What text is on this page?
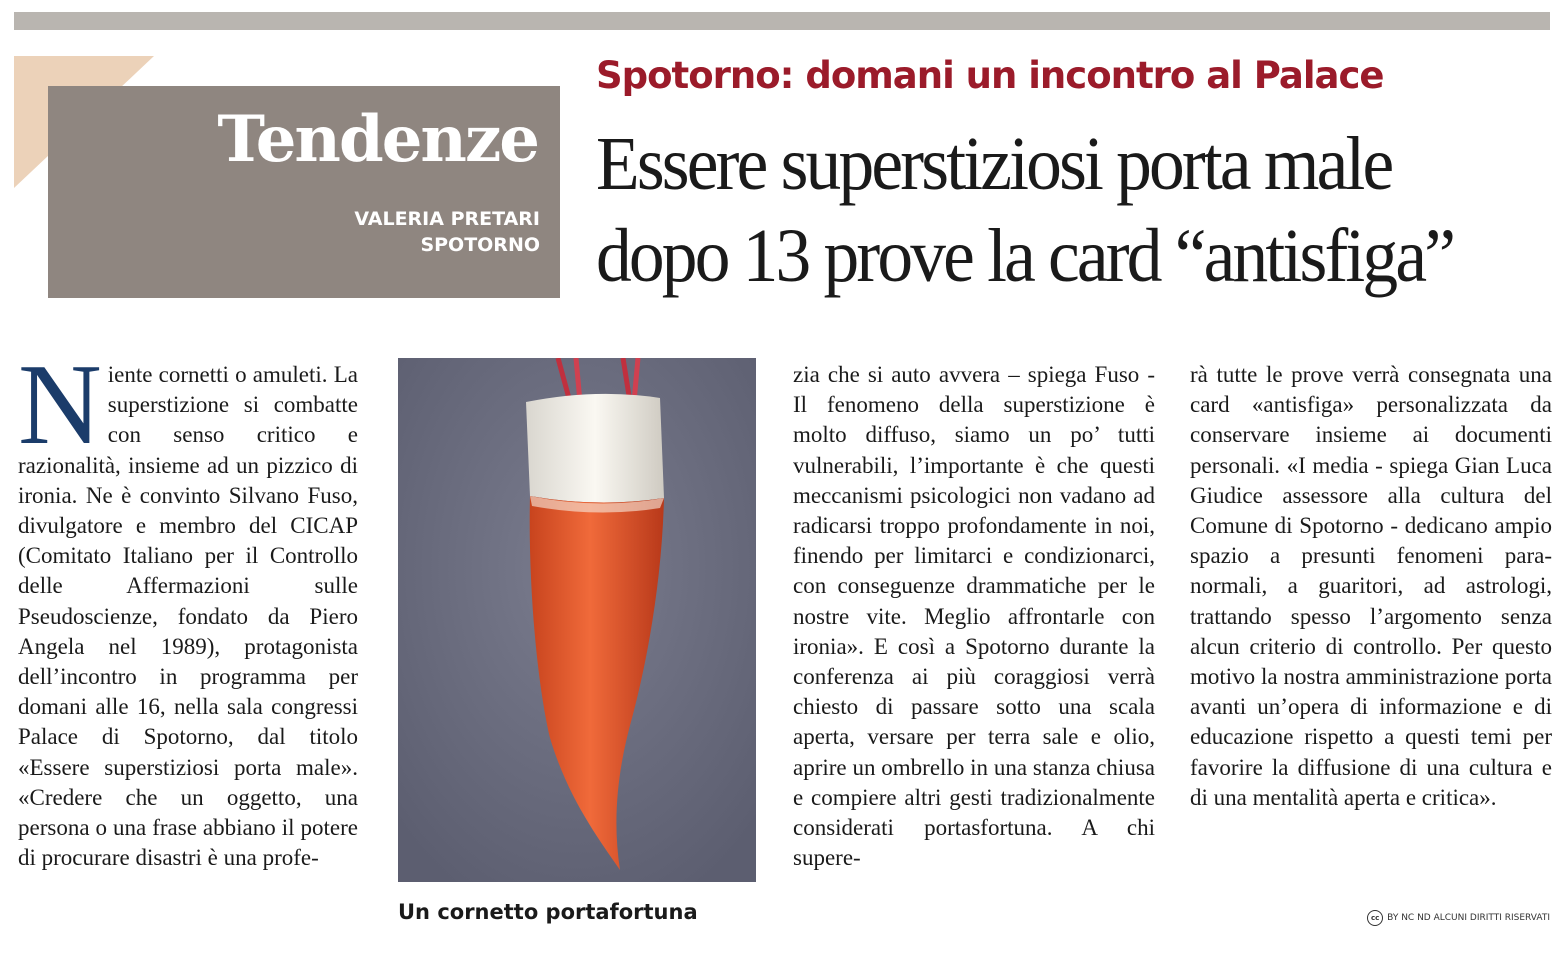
Tendenze
VALERIA PRETARI
SPOTORNO
Spotorno: domani un incontro al Palace
Essere superstiziosi porta male
dopo 13 prove la card “antisfiga”
Niente cornetti o amuleti. La superstizione si combatte con senso critico e razionalità, insieme ad un pizzico di ironia. Ne è convinto Silvano Fuso, divulgatore e membro del CICAP (Comitato Italiano per il Controllo delle Affermazioni sulle Pseudoscienze, fondato da Piero Angela nel 1989), protagonista dell’incontro in programma per domani alle 16, nella sala congressi Palace di Spotorno, dal titolo «Essere superstiziosi porta male». «Credere che un oggetto, una persona o una frase abbiano il potere di procurare disastri è una profe-
Un cornetto portafortuna
zia che si auto avvera – spiega Fuso - Il fenomeno della superstizione è molto diffuso, siamo un po’ tutti vulnerabili, l’importante è che questi meccanismi psicologici non vadano ad radicarsi troppo profondamente in noi, finendo per limitarci e condizionarci, con conseguenze drammatiche per le nostre vite. Meglio affrontarle con ironia». E così a Spotorno durante la conferenza ai più coraggiosi verrà chiesto di passare sotto una scala aperta, versare per terra sale e olio, aprire un ombrello in una stanza chiusa e compiere altri gesti tradizionalmente considerati portasfortuna. A chi supere-
rà tutte le prove verrà consegnata una card «antisfiga» personalizzata da conservare insieme ai documenti personali. «I media - spiega Gian Luca Giudice assessore alla cultura del Comune di Spotorno - dedicano ampio spazio a presunti fenomeni paranormali, a guaritori, ad astrologi, trattando spesso l’argomento senza alcun criterio di controllo. Per questo motivo la nostra amministrazione porta avanti un’opera di informazione e di educazione rispetto a questi temi per favorire la diffusione di una cultura e di una mentalità aperta e critica».
cc BY NC ND ALCUNI DIRITTI RISERVATI
